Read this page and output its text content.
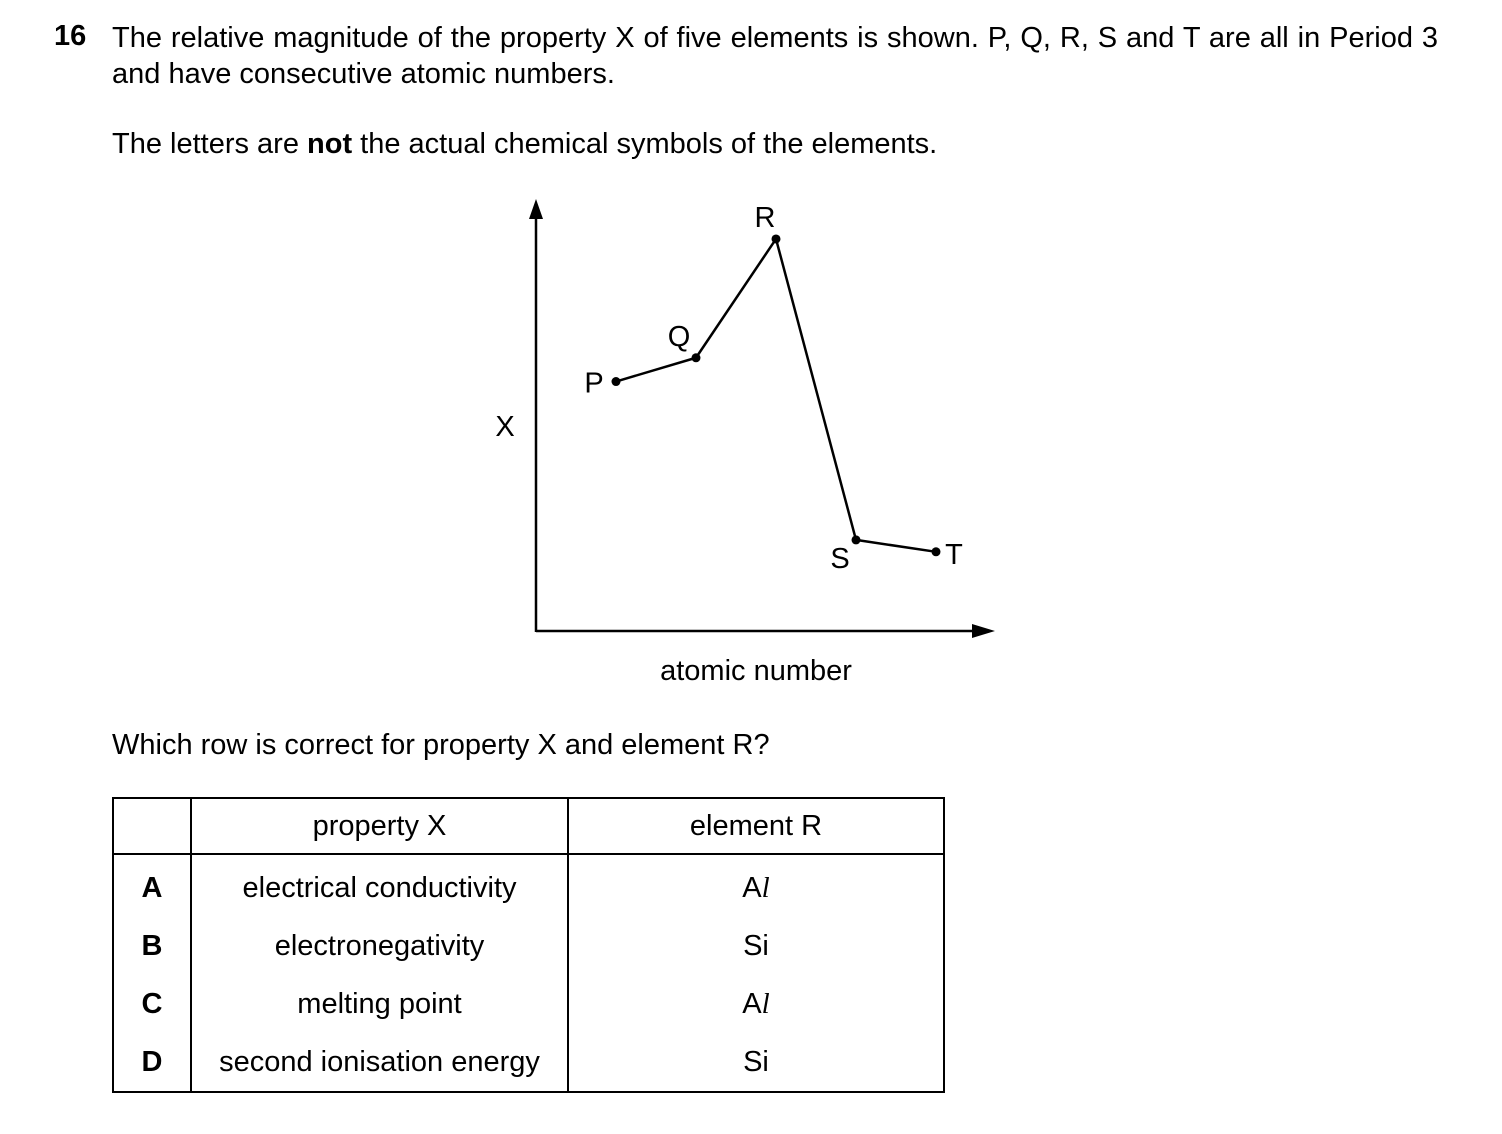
16 The relative magnitude of the property X of five elements is shown. P, Q, R, S and T are all in Period 3 and have consecutive atomic numbers.

The letters are not the actual chemical symbols of the elements.

X
atomic number
P
Q
R
S	T

Which row is correct for property X and element R?

	property X	element R
A	electrical conductivity	Al
B	electronegativity	Si
C	melting point	Al
D	second ionisation energy	Si
